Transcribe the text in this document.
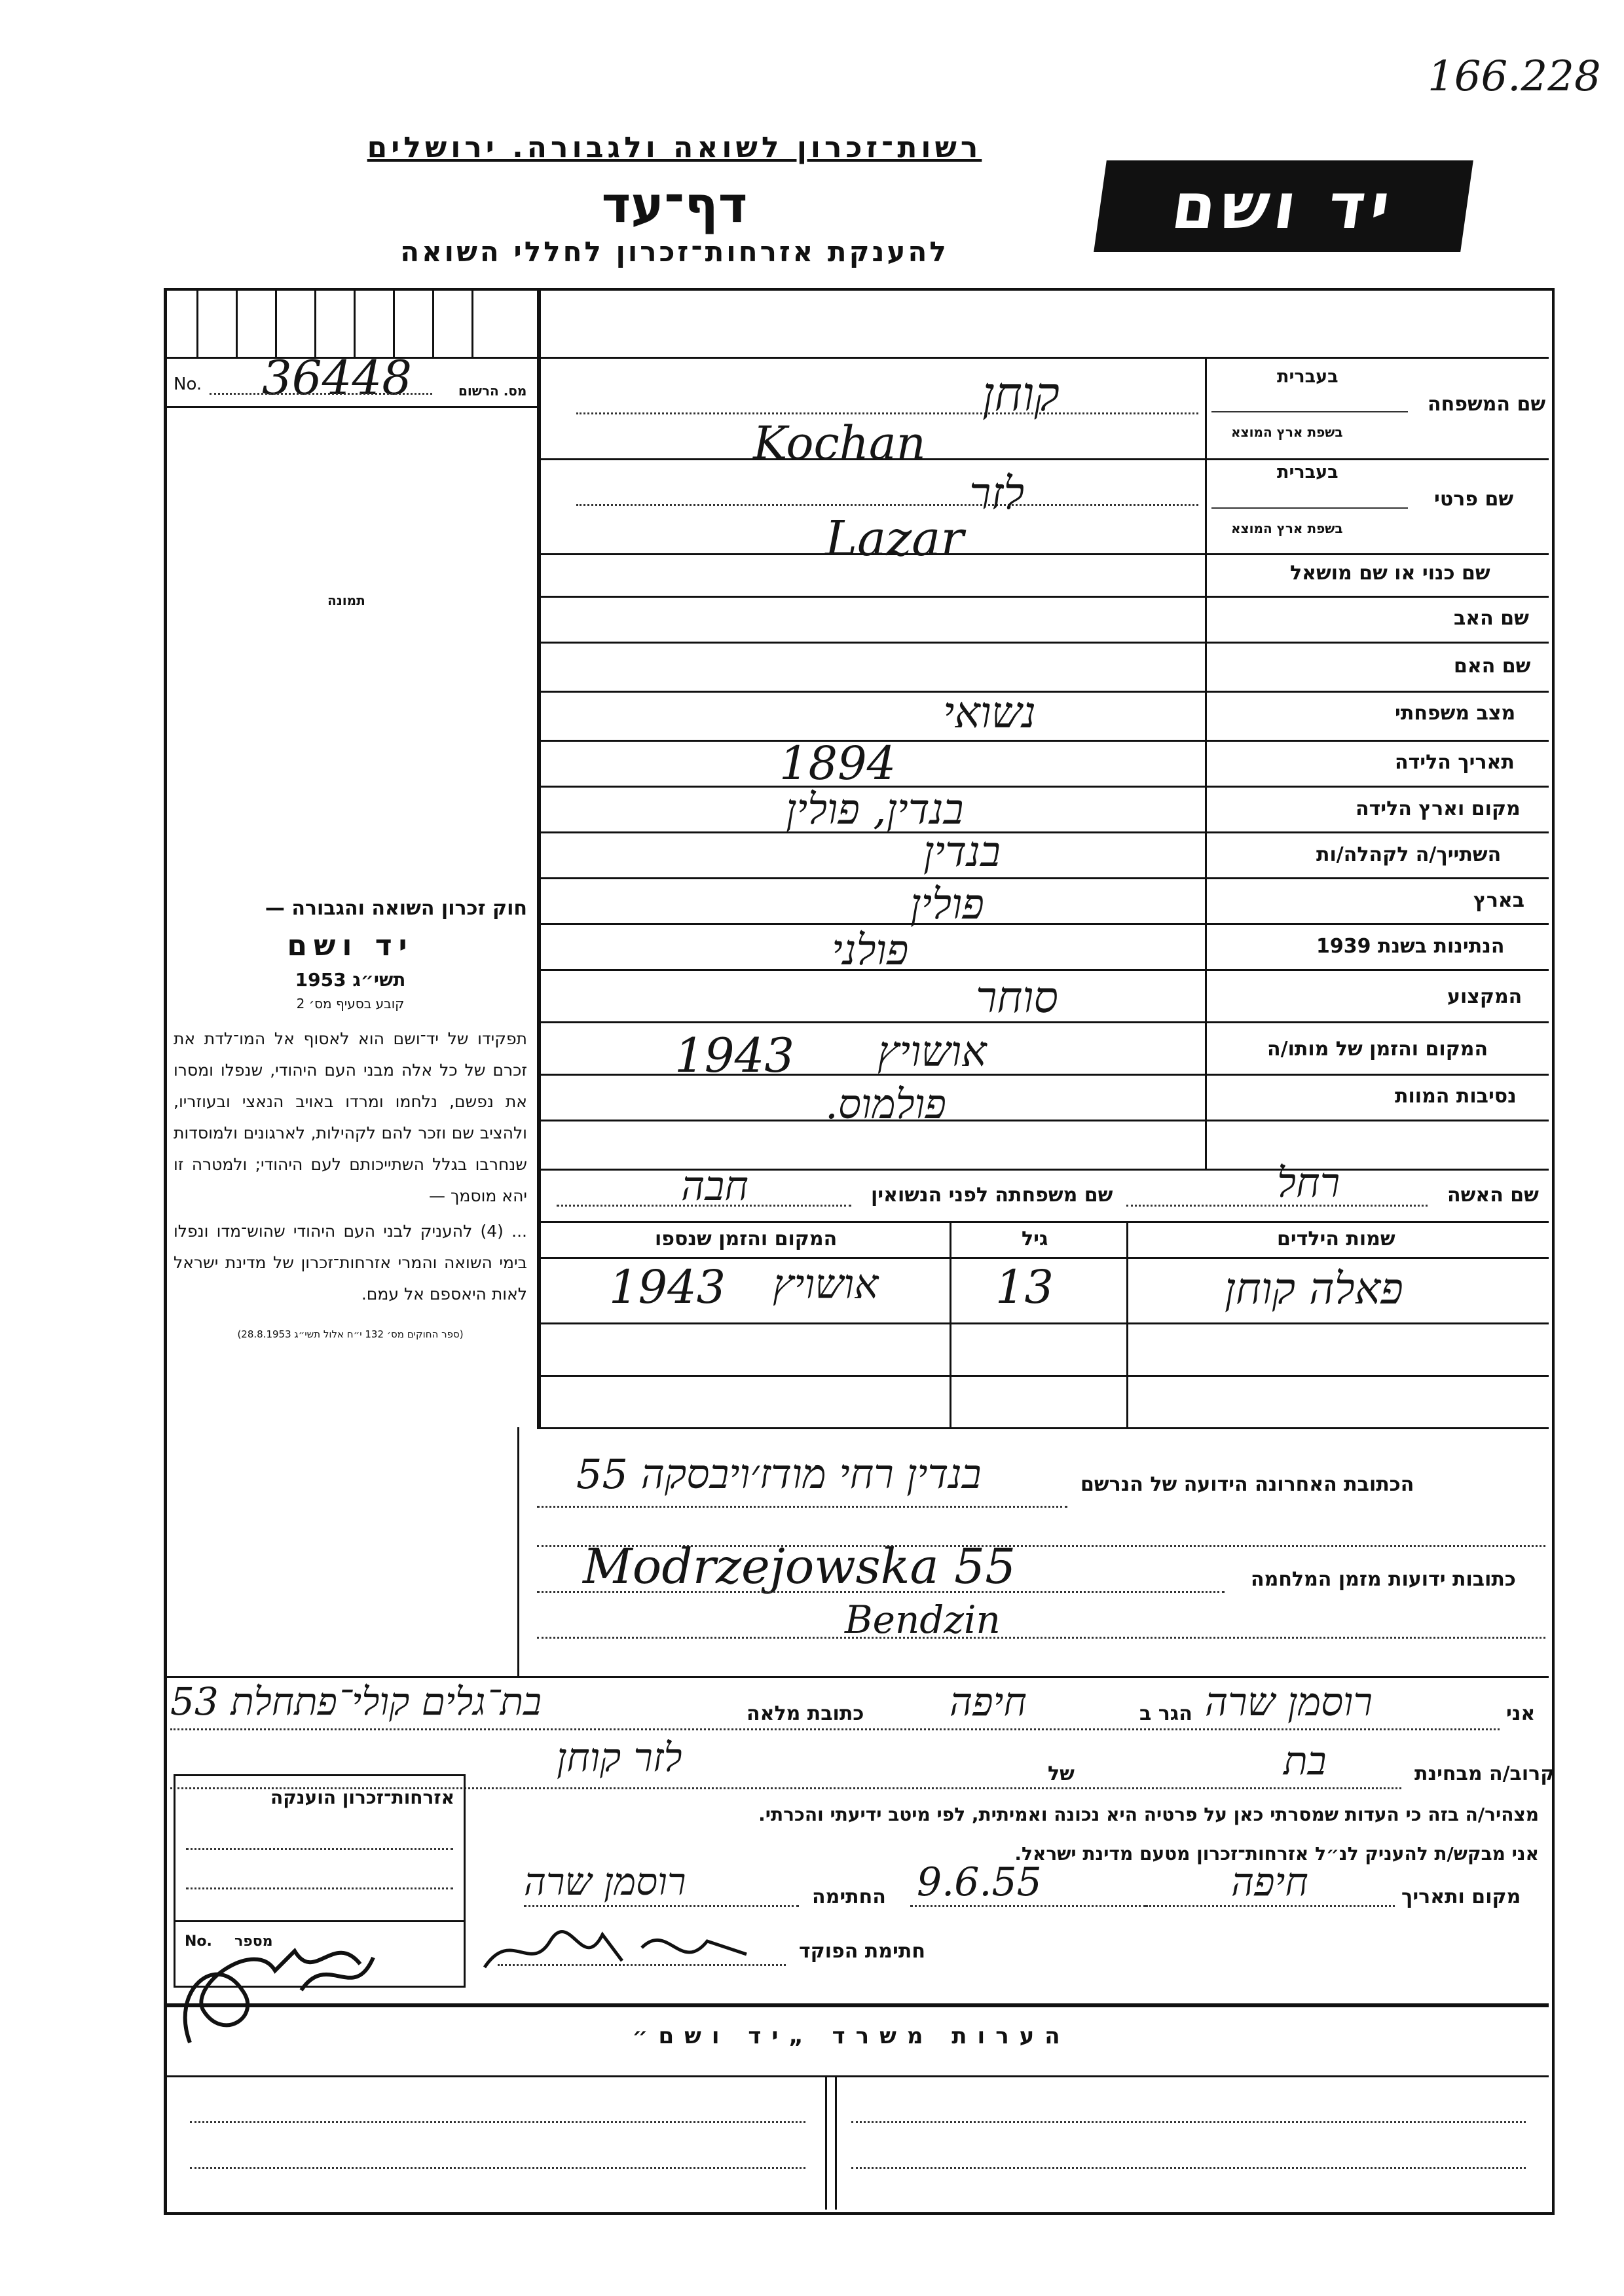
166.228
רשות־זכרון לשואה ולגבורה. ירושלים
דף־עד
להענקת אזרחות־זכרון לחללי השואה
יד ושם
No. 36448	מס. הרשום
תמונה
בעברית
שם המשפחה
בשפת ארץ המוצא
בעברית
שם פרטי
בשפת ארץ המוצא
שם כנוי או שם מושאל
שם האב
שם האם
מצב משפחתי
תאריך הלידה
מקום וארץ הלידה
השתייך/ה לקהלה/ות
בארץ
הנתינות בשנת 1939
המקצוע
המקום והזמן של מותו/ה
נסיבות המוות
קוחן
Kochan
לזר
Lazar
נשואי
1894
בנדין, פולין
בנדין
פולין
פולני
סוחר
1943 אושויץ
פולמוס.
שם האשה
רחל
שם משפחתה לפני הנשואין
חבה
שמות הילדים
גיל
המקום והזמן שנספו
פאלה קוחן
13
1943 אושויץ
חוק זכרון השואה והגבורה —
יד ושם
תשי״ג 1953
קובע בסעיף מס׳ 2
תפקידו של יד־ושם הוא לאסוף אל המו־לדת את זכרם של כל אלה מבני העם היהודי, שנפלו ומסרו את נפשם, נלחמו ומרדו באויב הנאצי ובעוזריו, ולהציב שם וזכר להם לקהילות, לארגונים ולמוסדות שנחרבו בגלל השתייכותם לעם היהודי; ולמטרה זו יהא מוסמך —
... (4) להעניק לבני העם היהודי שהוש־מדו ונפלו בימי השואה והמרי אזרחות־זכרון של מדינת ישראל לאות היאספם אל עמם.
(ספר החוקים מס׳ 132 י״ח אלול תשי״ג 28.8.1953)
הכתובת האחרונה הידועה של הנרשם
בנדין רחי מודז׳ויבסקה 55
כתובות ידועות מזמן המלחמה
Modrzejowska 55
Bendzin
אני
רוסמן שרה
הגר ב
חיפה
כתובת מלאה
בת־גלים קולי־פתחלת 53
קרוב/ה מבחינת
בת
של
לזר קוחן
מצהיר/ה בזה כי העדות שמסרתי כאן על פרטיה היא נכונה ואמיתית, לפי מיטב ידיעתי והכרתי.
אני מבקש/ת להעניק לנ״ל אזרחות־זכרון מטעם מדינת ישראל.
מקום ותאריך
חיפה
9.6.55
החתימה
רוסמן שרה
חתימת הפוקד
אזרחות־זכרון הוענקה
No. מספר
הערות משרד „יד ושם״
